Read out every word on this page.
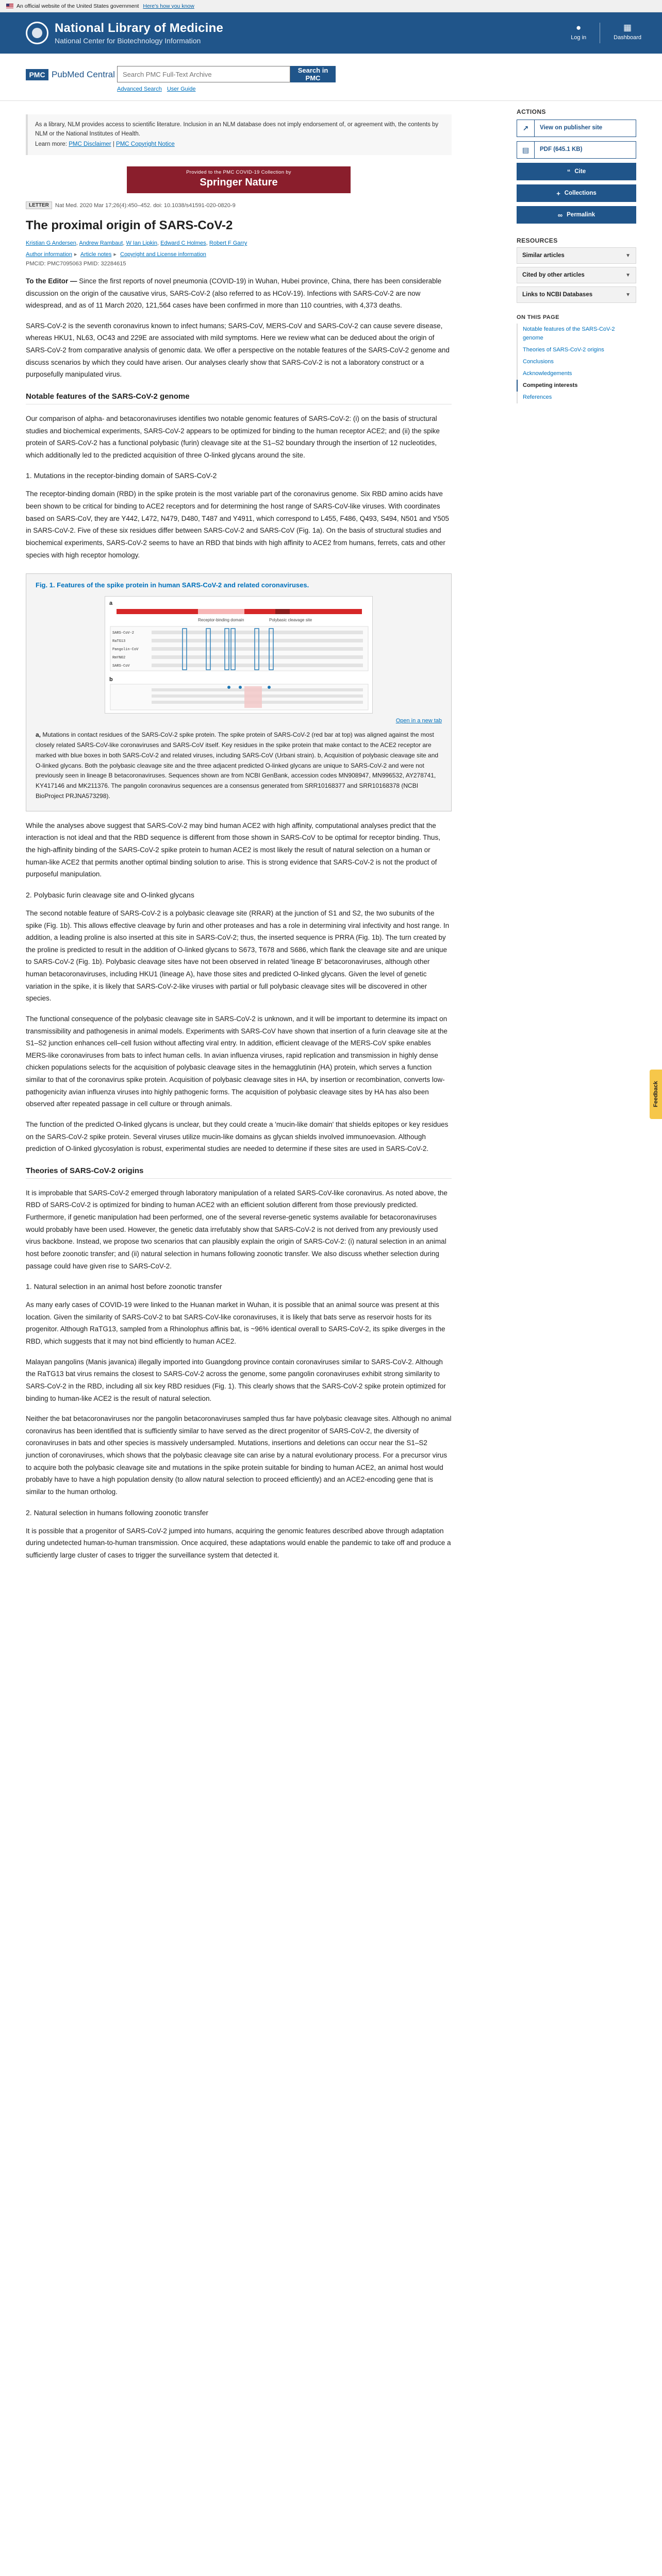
An official website of the United States government Here's how you know
National Library of Medicine
National Center for Biotechnology Information
●
Log in
▦
Dashboard
PMC PubMed Central
Search PMC Full-Text Archive	Search in PMC
Advanced Search User Guide
As a library, NLM provides access to scientific literature. Inclusion in an NLM database does not imply endorsement of, or agreement with, the contents by NLM or the National Institutes of Health.
Learn more: PMC Disclaimer | PMC Copyright Notice
Provided to the PMC COVID-19 Collection by
Springer Nature
LETTER	Nat Med. 2020 Mar 17;26(4):450–452. doi: 10.1038/s41591-020-0820-9
The proximal origin of SARS-CoV-2
Kristian G Andersen, Andrew Rambaut, W Ian Lipkin, Edward C Holmes, Robert F Garry
Author information ▸ Article notes ▸ Copyright and License information
PMCID: PMC7095063 PMID: 32284615

To the Editor — Since the first reports of novel pneumonia (COVID-19) in Wuhan, Hubei province, China, there has been considerable discussion on the origin of the causative virus, SARS-CoV-2 (also referred to as HCoV-19). Infections with SARS-CoV-2 are now widespread, and as of 11 March 2020, 121,564 cases have been confirmed in more than 110 countries, with 4,373 deaths.

SARS-CoV-2 is the seventh coronavirus known to infect humans; SARS-CoV, MERS-CoV and SARS-CoV-2 can cause severe disease, whereas HKU1, NL63, OC43 and 229E are associated with mild symptoms. Here we review what can be deduced about the origin of SARS-CoV-2 from comparative analysis of genomic data. We offer a perspective on the notable features of the SARS-CoV-2 genome and discuss scenarios by which they could have arisen. Our analyses clearly show that SARS-CoV-2 is not a laboratory construct or a purposefully manipulated virus.

Notable features of the SARS-CoV-2 genome

Our comparison of alpha- and betacoronaviruses identifies two notable genomic features of SARS-CoV-2: (i) on the basis of structural studies and biochemical experiments, SARS-CoV-2 appears to be optimized for binding to the human receptor ACE2; and (ii) the spike protein of SARS-CoV-2 has a functional polybasic (furin) cleavage site at the S1–S2 boundary through the insertion of 12 nucleotides, which additionally led to the predicted acquisition of three O-linked glycans around the site.

1. Mutations in the receptor-binding domain of SARS-CoV-2

The receptor-binding domain (RBD) in the spike protein is the most variable part of the coronavirus genome. Six RBD amino acids have been shown to be critical for binding to ACE2 receptors and for determining the host range of SARS-CoV-like viruses. With coordinates based on SARS-CoV, they are Y442, L472, N479, D480, T487 and Y4911, which correspond to L455, F486, Q493, S494, N501 and Y505 in SARS-CoV-2. Five of these six residues differ between SARS-CoV-2 and SARS-CoV (Fig. 1a). On the basis of structural studies and biochemical experiments, SARS-CoV-2 seems to have an RBD that binds with high affinity to ACE2 from humans, ferrets, cats and other species with high receptor homology.

Fig. 1. Features of the spike protein in human SARS-CoV-2 and related coronaviruses.
a
Receptor-binding domain	Polybasic cleavage site
SARS-CoV-2
RaTG13
Pangolin-CoV
RmYN02
SARS-CoV
b
Open in a new tab
a, Mutations in contact residues of the SARS-CoV-2 spike protein. The spike protein of SARS-CoV-2 (red bar at top) was aligned against the most closely related SARS-CoV-like coronaviruses and SARS-CoV itself. Key residues in the spike protein that make contact to the ACE2 receptor are marked with blue boxes in both SARS-CoV-2 and related viruses, including SARS-CoV (Urbani strain). b, Acquisition of polybasic cleavage site and O-linked glycans. Both the polybasic cleavage site and the three adjacent predicted O-linked glycans are unique to SARS-CoV-2 and were not previously seen in lineage B betacoronaviruses. Sequences shown are from NCBI GenBank, accession codes MN908947, MN996532, AY278741, KY417146 and MK211376. The pangolin coronavirus sequences are a consensus generated from SRR10168377 and SRR10168378 (NCBI BioProject PRJNA573298).

While the analyses above suggest that SARS-CoV-2 may bind human ACE2 with high affinity, computational analyses predict that the interaction is not ideal and that the RBD sequence is different from those shown in SARS-CoV to be optimal for receptor binding. Thus, the high-affinity binding of the SARS-CoV-2 spike protein to human ACE2 is most likely the result of natural selection on a human or human-like ACE2 that permits another optimal binding solution to arise. This is strong evidence that SARS-CoV-2 is not the product of purposeful manipulation.

2. Polybasic furin cleavage site and O-linked glycans

The second notable feature of SARS-CoV-2 is a polybasic cleavage site (RRAR) at the junction of S1 and S2, the two subunits of the spike (Fig. 1b). This allows effective cleavage by furin and other proteases and has a role in determining viral infectivity and host range. In addition, a leading proline is also inserted at this site in SARS-CoV-2; thus, the inserted sequence is PRRA (Fig. 1b). The turn created by the proline is predicted to result in the addition of O-linked glycans to S673, T678 and S686, which flank the cleavage site and are unique to SARS-CoV-2 (Fig. 1b). Polybasic cleavage sites have not been observed in related 'lineage B' betacoronaviruses, although other human betacoronaviruses, including HKU1 (lineage A), have those sites and predicted O-linked glycans. Given the level of genetic variation in the spike, it is likely that SARS-CoV-2-like viruses with partial or full polybasic cleavage sites will be discovered in other species.

The functional consequence of the polybasic cleavage site in SARS-CoV-2 is unknown, and it will be important to determine its impact on transmissibility and pathogenesis in animal models. Experiments with SARS-CoV have shown that insertion of a furin cleavage site at the S1–S2 junction enhances cell–cell fusion without affecting viral entry. In addition, efficient cleavage of the MERS-CoV spike enables MERS-like coronaviruses from bats to infect human cells. In avian influenza viruses, rapid replication and transmission in highly dense chicken populations selects for the acquisition of polybasic cleavage sites in the hemagglutinin (HA) protein, which serves a function similar to that of the coronavirus spike protein. Acquisition of polybasic cleavage sites in HA, by insertion or recombination, converts low-pathogenicity avian influenza viruses into highly pathogenic forms. The acquisition of polybasic cleavage sites by HA has also been observed after repeated passage in cell culture or through animals.

The function of the predicted O-linked glycans is unclear, but they could create a 'mucin-like domain' that shields epitopes or key residues on the SARS-CoV-2 spike protein. Several viruses utilize mucin-like domains as glycan shields involved immunoevasion. Although prediction of O-linked glycosylation is robust, experimental studies are needed to determine if these sites are used in SARS-CoV-2.

Theories of SARS-CoV-2 origins

It is improbable that SARS-CoV-2 emerged through laboratory manipulation of a related SARS-CoV-like coronavirus. As noted above, the RBD of SARS-CoV-2 is optimized for binding to human ACE2 with an efficient solution different from those previously predicted. Furthermore, if genetic manipulation had been performed, one of the several reverse-genetic systems available for betacoronaviruses would probably have been used. However, the genetic data irrefutably show that SARS-CoV-2 is not derived from any previously used virus backbone. Instead, we propose two scenarios that can plausibly explain the origin of SARS-CoV-2: (i) natural selection in an animal host before zoonotic transfer; and (ii) natural selection in humans following zoonotic transfer. We also discuss whether selection during passage could have given rise to SARS-CoV-2.

1. Natural selection in an animal host before zoonotic transfer

As many early cases of COVID-19 were linked to the Huanan market in Wuhan, it is possible that an animal source was present at this location. Given the similarity of SARS-CoV-2 to bat SARS-CoV-like coronaviruses, it is likely that bats serve as reservoir hosts for its progenitor. Although RaTG13, sampled from a Rhinolophus affinis bat, is ~96% identical overall to SARS-CoV-2, its spike diverges in the RBD, which suggests that it may not bind efficiently to human ACE2.

Malayan pangolins (Manis javanica) illegally imported into Guangdong province contain coronaviruses similar to SARS-CoV-2. Although the RaTG13 bat virus remains the closest to SARS-CoV-2 across the genome, some pangolin coronaviruses exhibit strong similarity to SARS-CoV-2 in the RBD, including all six key RBD residues (Fig. 1). This clearly shows that the SARS-CoV-2 spike protein optimized for binding to human-like ACE2 is the result of natural selection.

Neither the bat betacoronaviruses nor the pangolin betacoronaviruses sampled thus far have polybasic cleavage sites. Although no animal coronavirus has been identified that is sufficiently similar to have served as the direct progenitor of SARS-CoV-2, the diversity of coronaviruses in bats and other species is massively undersampled. Mutations, insertions and deletions can occur near the S1–S2 junction of coronaviruses, which shows that the polybasic cleavage site can arise by a natural evolutionary process. For a precursor virus to acquire both the polybasic cleavage site and mutations in the spike protein suitable for binding to human ACE2, an animal host would probably have to have a high population density (to allow natural selection to proceed efficiently) and an ACE2-encoding gene that is similar to the human ortholog.

2. Natural selection in humans following zoonotic transfer

It is possible that a progenitor of SARS-CoV-2 jumped into humans, acquiring the genomic features described above through adaptation during undetected human-to-human transmission. Once acquired, these adaptations would enable the pandemic to take off and produce a sufficiently large cluster of cases to trigger the surveillance system that detected it.

ACTIONS
↗	View on publisher site
▤	PDF (645.1 KB)
“ Cite
+ Collections
∞ Permalink
RESOURCES
Similar articles	▼
Cited by other articles	▼
Links to NCBI Databases	▼
ON THIS PAGE
Notable features of the SARS-CoV-2 genome
Theories of SARS-CoV-2 origins
Conclusions
Acknowledgements
Competing interests
References
Feedback
